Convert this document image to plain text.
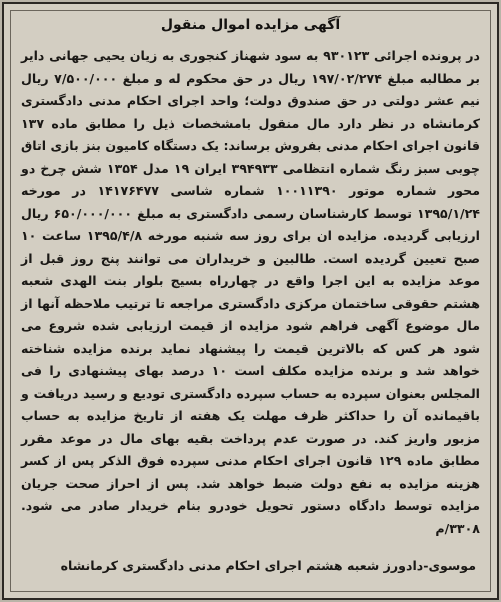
آگهی مزایده اموال منقول
در پرونده اجرائی ۹۳۰۱۲۳ به سود شهناز کنجوری به زیان یحیی جهانی دایر بر مطالبه مبلغ ۱۹۷/۰۲/۲۷۴ ریال در حق محکوم له و مبلغ ۷/۵۰۰/۰۰۰ ریال نیم عشر دولتی در حق صندوق دولت؛ واحد اجرای احکام مدنی دادگستری کرمانشاه در نظر دارد مال منقول بامشخصات ذیل را مطابق ماده ۱۳۷ قانون اجرای احکام مدنی بفروش برساند: یک دستگاه کامیون بنز بازی اتاق چوبی سبز رنگ شماره انتظامی ۳۹۴۹۳۳ ایران ۱۹ مدل ۱۳۵۴ شش چرخ دو محور شماره موتور ۱۰۰۱۱۳۹۰ شماره شاسی ۱۴۱۷۶۴۷۷ در مورخه ۱۳۹۵/۱/۲۴ توسط کارشناسان رسمی دادگستری به مبلغ ۶۵۰/۰۰۰/۰۰۰ ریال ارزیابی گردیده. مزایده ان برای روز سه شنبه مورخه ۱۳۹۵/۴/۸ ساعت ۱۰ صبح تعیین گردیده است. طالبین و خریداران می توانند پنج روز قبل از موعد مزایده به این اجرا واقع در چهارراه بسیج بلوار بنت الهدی شعبه هشتم حقوقی ساختمان مرکزی دادگستری مراجعه تا ترتیب ملاحظه آنها از مال موضوع آگهی فراهم شود مزایده از قیمت ارزیابی شده شروع می شود هر کس که بالاترین قیمت را پیشنهاد نماید برنده مزایده شناخته خواهد شد و برنده مزایده مکلف است ۱۰ درصد بهای پیشنهادی را فی المجلس بعنوان سپرده به حساب سپرده دادگستری تودیع و رسید دریافت و باقیمانده آن را حداکثر ظرف مهلت یک هفته از تاریخ مزایده به حساب مزبور واریز کند. در صورت عدم پرداخت بقیه بهای مال در موعد مقرر مطابق ماده ۱۲۹ قانون اجرای احکام مدنی سپرده فوق الذکر پس از کسر هزینه مزایده به نفع دولت ضبط خواهد شد. پس از احراز صحت جریان مزایده توسط دادگاه دستور تحویل خودرو بنام خریدار صادر می شود. ۳۳۰۸/م
موسوی-دادورز شعبه هشتم اجرای احکام مدنی دادگستری کرمانشاه
